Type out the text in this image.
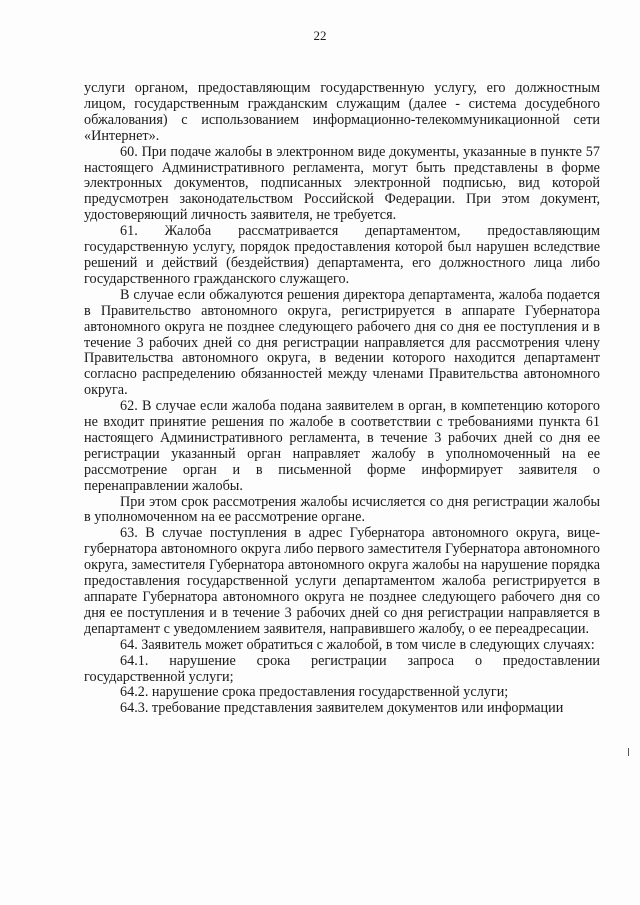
22

услуги органом, предоставляющим государственную услугу, его должностным лицом, государственным гражданским служащим (далее - система досудебного обжалования) с использованием информационно-телекоммуникационной сети «Интернет».

60. При подаче жалобы в электронном виде документы, указанные в пункте 57 настоящего Административного регламента, могут быть представлены в форме электронных документов, подписанных электронной подписью, вид которой предусмотрен законодательством Российской Федерации. При этом документ, удостоверяющий личность заявителя, не требуется.

61. Жалоба рассматривается департаментом, предоставляющим государственную услугу, порядок предоставления которой был нарушен вследствие решений и действий (бездействия) департамента, его должностного лица либо государственного гражданского служащего.

В случае если обжалуются решения директора департамента, жалоба подается в Правительство автономного округа, регистрируется в аппарате Губернатора автономного округа не позднее следующего рабочего дня со дня ее поступления и в течение 3 рабочих дней со дня регистрации направляется для рассмотрения члену Правительства автономного округа, в ведении которого находится департамент согласно распределению обязанностей между членами Правительства автономного округа.

62. В случае если жалоба подана заявителем в орган, в компетенцию которого не входит принятие решения по жалобе в соответствии с требованиями пункта 61 настоящего Административного регламента, в течение 3 рабочих дней со дня ее регистрации указанный орган направляет жалобу в уполномоченный на ее рассмотрение орган и в письменной форме информирует заявителя о перенаправлении жалобы.

При этом срок рассмотрения жалобы исчисляется со дня регистрации жалобы в уполномоченном на ее рассмотрение органе.

63. В случае поступления в адрес Губернатора автономного округа, вице-губернатора автономного округа либо первого заместителя Губернатора автономного округа, заместителя Губернатора автономного округа жалобы на нарушение порядка предоставления государственной услуги департаментом жалоба регистрируется в аппарате Губернатора автономного округа не позднее следующего рабочего дня со дня ее поступления и в течение 3 рабочих дней со дня регистрации направляется в департамент с уведомлением заявителя, направившего жалобу, о ее переадресации.

64. Заявитель может обратиться с жалобой, в том числе в следующих случаях:

64.1. нарушение срока регистрации запроса о предоставлении государственной услуги;

64.2. нарушение срока предоставления государственной услуги;

64.3. требование представления заявителем документов или информации
